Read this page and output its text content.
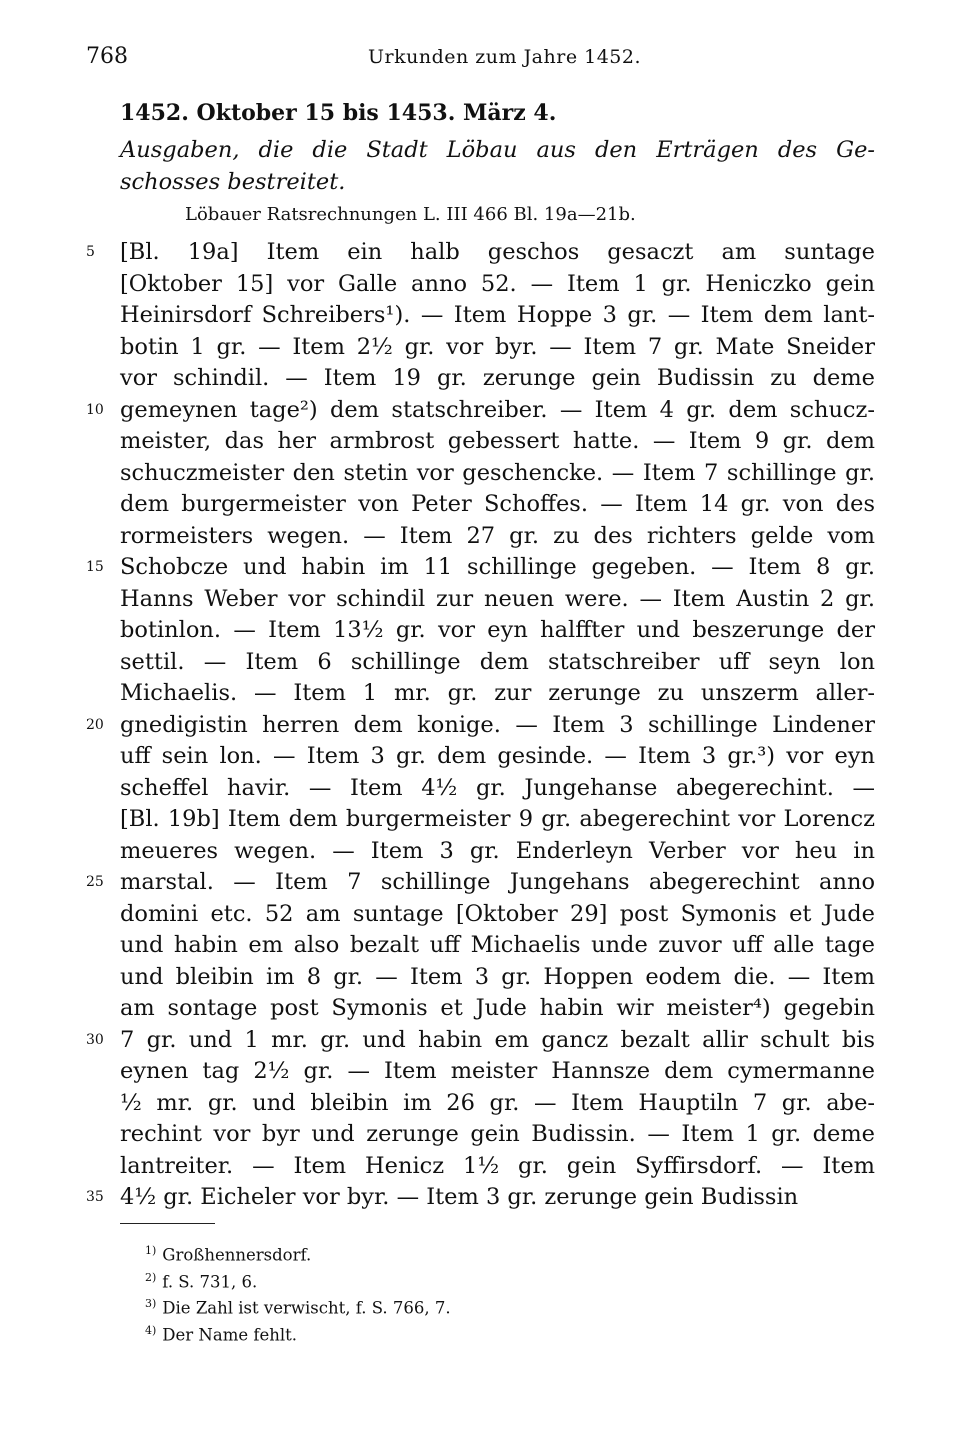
768	Urkunden zum Jahre 1452.
1452. Oktober 15 bis 1453. März 4.
Ausgaben, die die Stadt Löbau aus den Erträgen des Ge-
schosses bestreitet.
Löbauer Ratsrechnungen L. III 466 Bl. 19a—21b.
5	[Bl. 19a] Item ein halb geschos gesaczt am suntage
[Oktober 15] vor Galle anno 52. — Item 1 gr. Heniczko gein
Heinirsdorf Schreibers¹). — Item Hoppe 3 gr. — Item dem lant-
botin 1 gr. — Item 2½ gr. vor byr. — Item 7 gr. Mate Sneider
vor schindil. — Item 19 gr. zerunge gein Budissin zu deme
10 gemeynen tage²) dem statschreiber. — Item 4 gr. dem schucz-
meister, das her armbrost gebessert hatte. — Item 9 gr. dem
schuczmeister den stetin vor geschencke. — Item 7 schillinge gr.
dem burgermeister von Peter Schoffes. — Item 14 gr. von des
rormeisters wegen. — Item 27 gr. zu des richters gelde vom
15 Schobcze und habin im 11 schillinge gegeben. — Item 8 gr.
Hanns Weber vor schindil zur neuen were. — Item Austin 2 gr.
botinlon. — Item 13½ gr. vor eyn halffter und beszerunge der
settil. — Item 6 schillinge dem statschreiber uff seyn lon
Michaelis. — Item 1 mr. gr. zur zerunge zu unszerm aller-
20 gnedigistin herren dem konige. — Item 3 schillinge Lindener
uff sein lon. — Item 3 gr. dem gesinde. — Item 3 gr.³) vor eyn
scheffel havir. — Item 4½ gr. Jungehanse abegerechint. —
[Bl. 19b] Item dem burgermeister 9 gr. abegerechint vor Lorencz
meueres wegen. — Item 3 gr. Enderleyn Verber vor heu in
25 marstal. — Item 7 schillinge Jungehans abegerechint anno
domini etc. 52 am suntage [Oktober 29] post Symonis et Jude
und habin em also bezalt uff Michaelis unde zuvor uff alle tage
und bleibin im 8 gr. — Item 3 gr. Hoppen eodem die. — Item
am sontage post Symonis et Jude habin wir meister⁴) gegebin
30 7 gr. und 1 mr. gr. und habin em gancz bezalt allir schult bis
eynen tag 2½ gr. — Item meister Hannsze dem cymermanne
½ mr. gr. und bleibin im 26 gr. — Item Hauptiln 7 gr. abe-
rechint vor byr und zerunge gein Budissin. — Item 1 gr. deme
lantreiter. — Item Henicz 1½ gr. gein Syffirsdorf. — Item
35 4½ gr. Eicheler vor byr. — Item 3 gr. zerunge gein Budissin
$^{1)}$ Großhennersdorf.
$^{2)}$ f. S. 731, 6.
$^{3)}$ Die Zahl ist verwischt, f. S. 766, 7.
$^{4)}$ Der Name fehlt.
